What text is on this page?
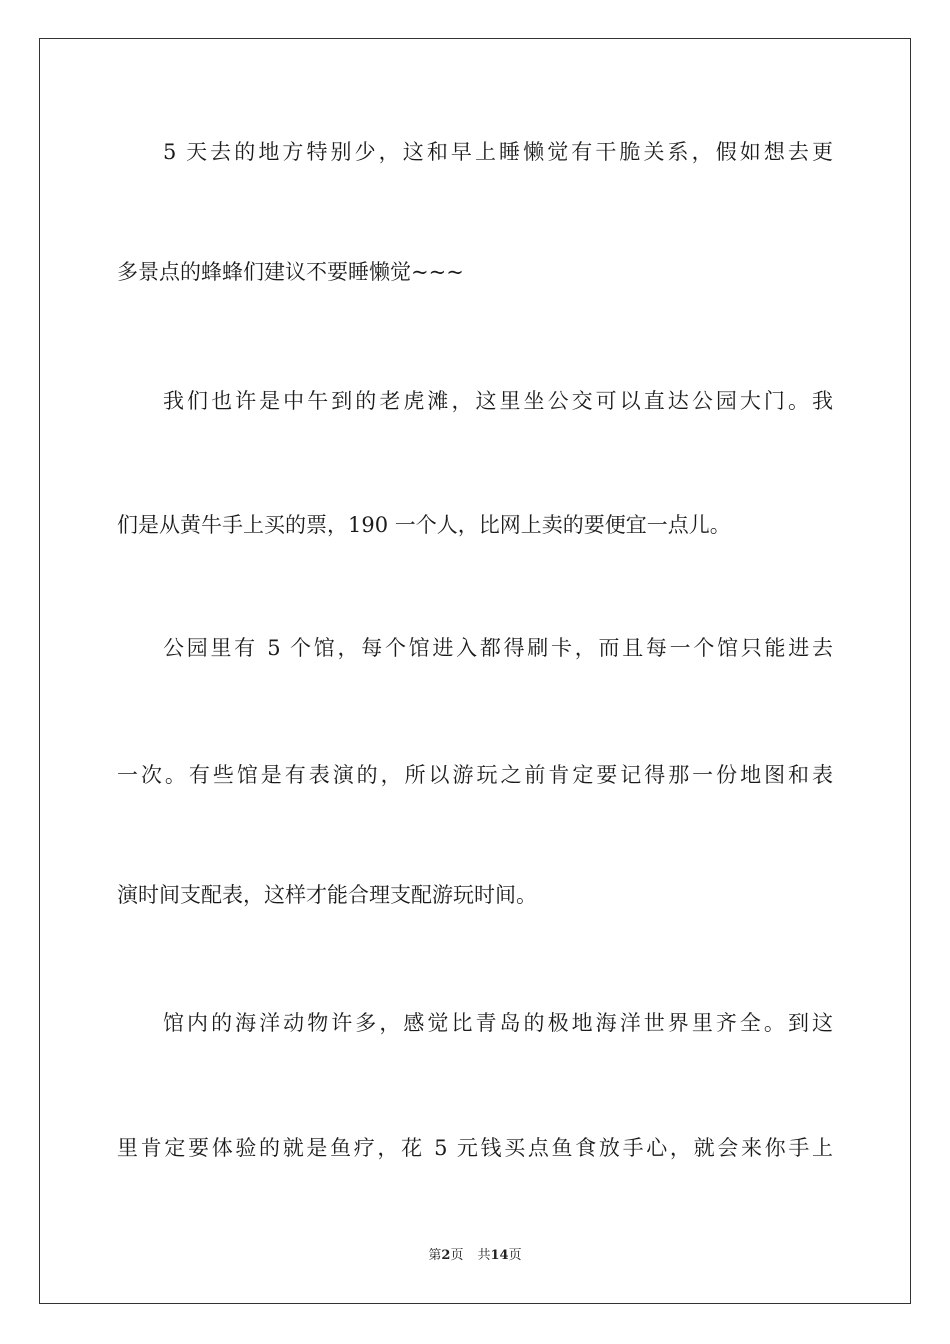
5 天去的地方特别少，这和早上睡懒觉有干脆关系，假如想去更
多景点的蜂蜂们建议不要睡懒觉~~~
我们也许是中午到的老虎滩，这里坐公交可以直达公园大门。我
们是从黄牛手上买的票，190 一个人，比网上卖的要便宜一点儿。
公园里有 5 个馆，每个馆进入都得刷卡，而且每一个馆只能进去
一次。有些馆是有表演的，所以游玩之前肯定要记得那一份地图和表
演时间支配表，这样才能合理支配游玩时间。
馆内的海洋动物许多，感觉比青岛的极地海洋世界里齐全。到这
里肯定要体验的就是鱼疗，花 5 元钱买点鱼食放手心，就会来你手上
第2页 共14页
